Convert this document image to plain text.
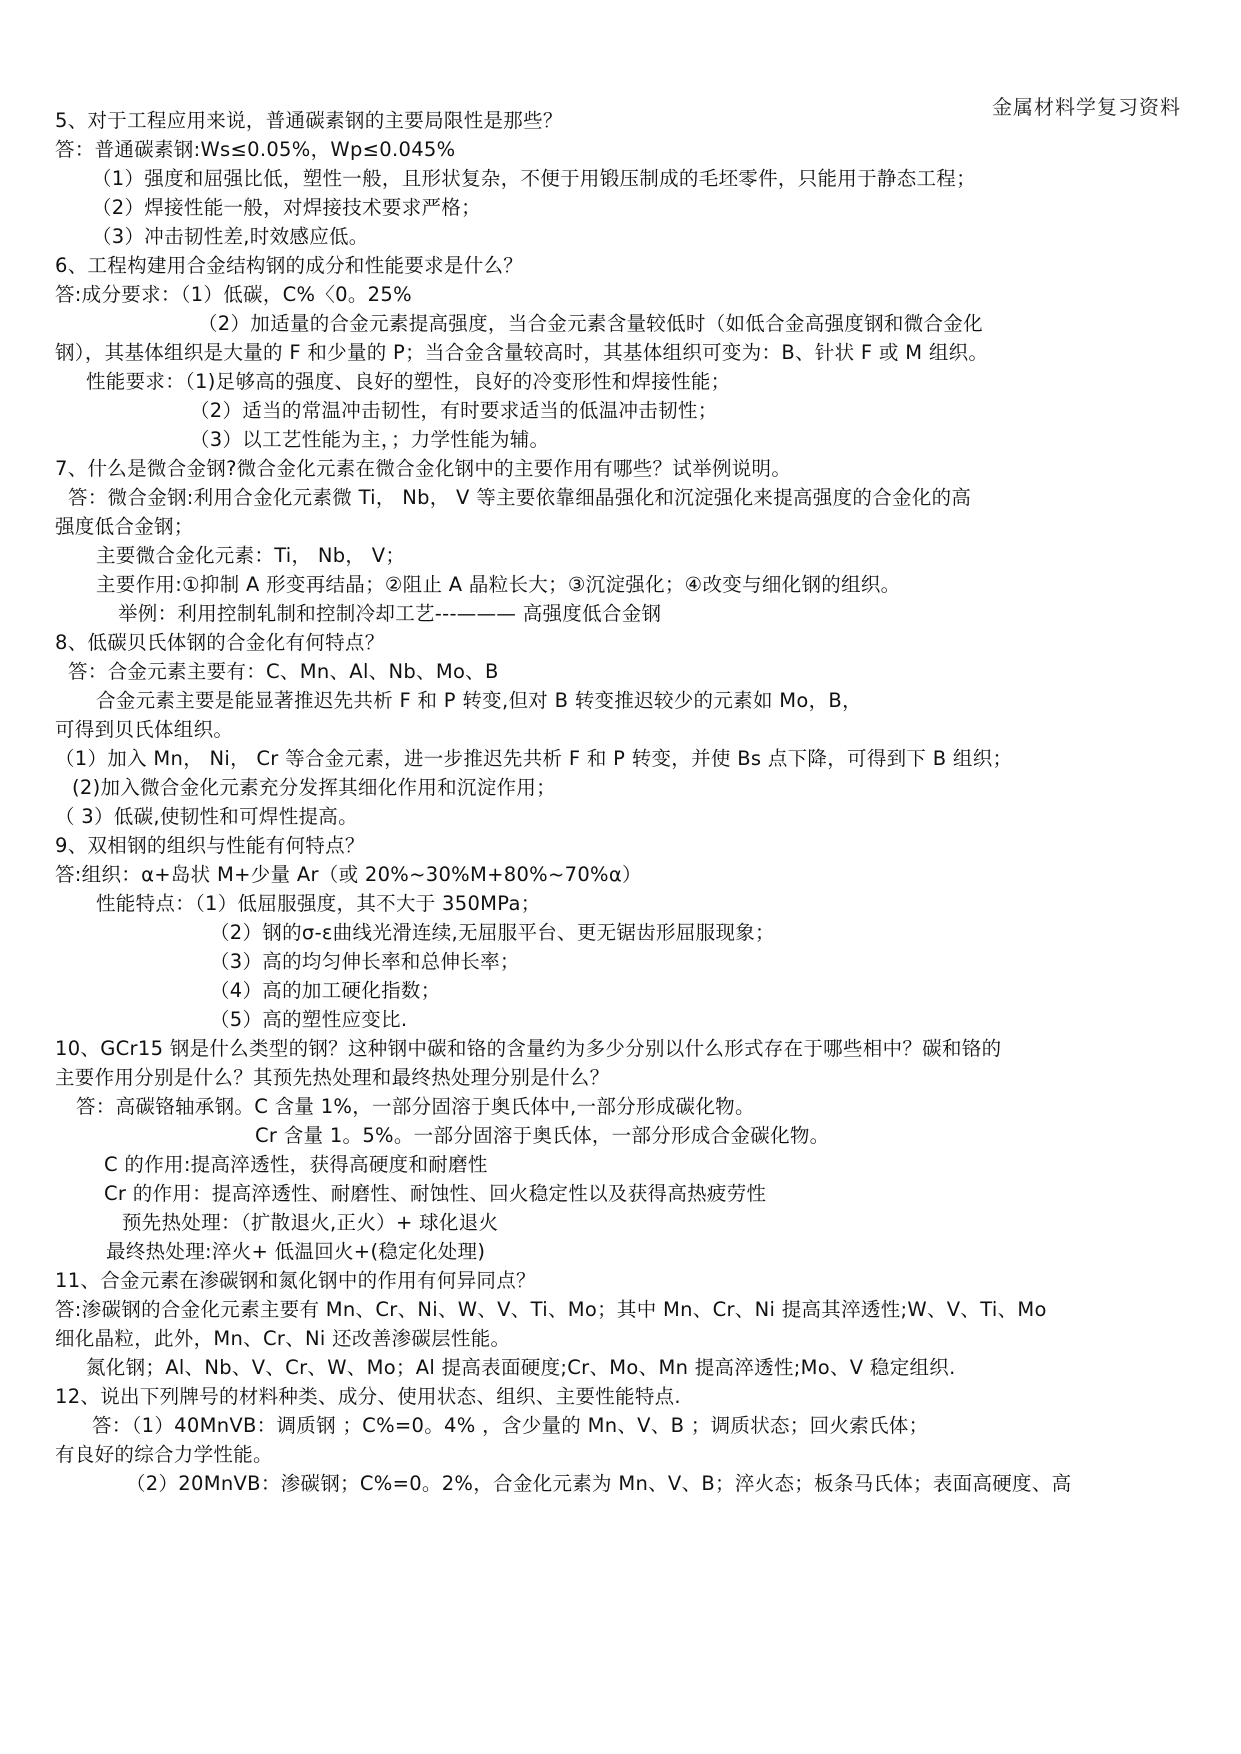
金属材料学复习资料
5、对于工程应用来说，普通碳素钢的主要局限性是那些？
答：普通碳素钢:Ws≤0.05%，Wp≤0.045%
（1）强度和屈强比低，塑性一般，且形状复杂，不便于用锻压制成的毛坯零件，只能用于静态工程；
（2）焊接性能一般，对焊接技术要求严格；
（3）冲击韧性差,时效感应低。
6、工程构建用合金结构钢的成分和性能要求是什么？
答:成分要求：（1）低碳，C%〈0。25%
（2）加适量的合金元素提高强度，当合金元素含量较低时（如低合金高强度钢和微合金化
钢），其基体组织是大量的 F 和少量的 P；当合金含量较高时，其基体组织可变为：B、针状 F 或 M 组织。
性能要求：（1)足够高的强度、良好的塑性，良好的冷变形性和焊接性能；
（2）适当的常温冲击韧性，有时要求适当的低温冲击韧性；
（3）以工艺性能为主，；力学性能为辅。
7、什么是微合金钢?微合金化元素在微合金化钢中的主要作用有哪些？试举例说明。
答：微合金钢:利用合金化元素微 Ti， Nb， V 等主要依靠细晶强化和沉淀强化来提高强度的合金化的高
强度低合金钢；
主要微合金化元素：Ti， Nb， V；
主要作用:①抑制 A 形变再结晶；②阻止 A 晶粒长大；③沉淀强化；④改变与细化钢的组织。
举例：利用控制轧制和控制冷却工艺---——— 高强度低合金钢
8、低碳贝氏体钢的合金化有何特点？
答：合金元素主要有：C、Mn、Al、Nb、Mo、B
合金元素主要是能显著推迟先共析 F 和 P 转变,但对 B 转变推迟较少的元素如 Mo，B，
可得到贝氏体组织。
（1）加入 Mn， Ni， Cr 等合金元素，进一步推迟先共析 F 和 P 转变，并使 Bs 点下降，可得到下 B 组织；
(2)加入微合金化元素充分发挥其细化作用和沉淀作用；
（ 3）低碳,使韧性和可焊性提高。
9、双相钢的组织与性能有何特点？
答:组织：α+岛状 M+少量 Ar（或 20%~30%M+80%~70%α）
性能特点：（1）低屈服强度，其不大于 350MPa；
（2）钢的σ-ε曲线光滑连续,无屈服平台、更无锯齿形屈服现象；
（3）高的均匀伸长率和总伸长率；
（4）高的加工硬化指数；
（5）高的塑性应变比.
10、GCr15 钢是什么类型的钢？这种钢中碳和铬的含量约为多少分别以什么形式存在于哪些相中？碳和铬的
主要作用分别是什么？其预先热处理和最终热处理分别是什么？
答：高碳铬轴承钢。C 含量 1%，一部分固溶于奥氏体中,一部分形成碳化物。
Cr 含量 1。5%。一部分固溶于奥氏体，一部分形成合金碳化物。
C 的作用:提高淬透性，获得高硬度和耐磨性
Cr 的作用：提高淬透性、耐磨性、耐蚀性、回火稳定性以及获得高热疲劳性
预先热处理：（扩散退火,正火）+ 球化退火
最终热处理:淬火+ 低温回火+(稳定化处理)
11、合金元素在渗碳钢和氮化钢中的作用有何异同点？
答:渗碳钢的合金化元素主要有 Mn、Cr、Ni、W、V、Ti、Mo；其中 Mn、Cr、Ni 提高其淬透性;W、V、Ti、Mo
细化晶粒，此外，Mn、Cr、Ni 还改善渗碳层性能。
氮化钢；Al、Nb、V、Cr、W、Mo；Al 提高表面硬度;Cr、Mo、Mn 提高淬透性;Mo、V 稳定组织.
12、说出下列牌号的材料种类、成分、使用状态、组织、主要性能特点.
答：（1）40MnVB：调质钢 ；C%=0。4% ，含少量的 Mn、V、B ；调质状态；回火索氏体；
有良好的综合力学性能。
（2）20MnVB：渗碳钢；C%=0。2%，合金化元素为 Mn、V、B；淬火态；板条马氏体；表面高硬度、高
